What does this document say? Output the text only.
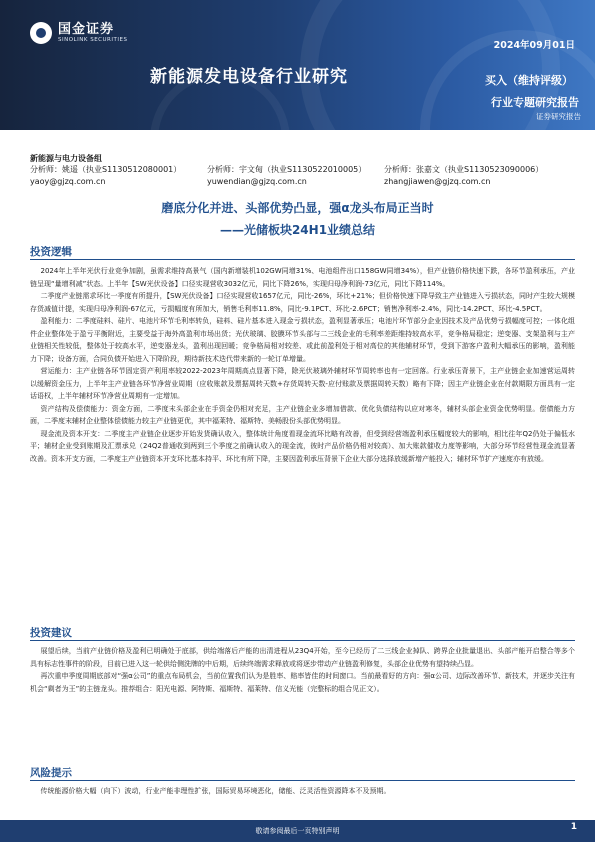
国金证券
SINOLINK SECURITIES
2024年09月01日
新能源发电设备行业研究	买入（维持评级）
行业专题研究报告
证券研究报告
新能源与电力设备组
分析师：姚遥（执业S1130512080001）
yaoy@gjzq.com.cn
分析师：宇文甸（执业S1130522010005）
yuwendian@gjzq.com.cn
分析师：张嘉文（执业S1130523090006）
zhangjiawen@gjzq.com.cn
磨底分化并进、头部优势凸显，强α龙头布局正当时
——光储板块24H1业绩总结
投资逻辑

2024年上半年光伏行业竞争加剧，虽需求维持高景气（国内新增装机102GW同增31%、电池组件出口158GW同增34%），但产业链价格快速下跌，各环节盈利承压，产业链呈现“量增利减”状态。上半年【SW光伏设备】口径实现营收3032亿元，同比下降26%，实现归母净利润-73亿元，同比下降114%。

二季度产业链需求环比一季度有所提升，【SW光伏设备】口径实现营收1657亿元，同比-26%，环比+21%；但价格快速下降导致主产业链进入亏损状态，同时产生较大规模存货减值计提，实现归母净利润-67亿元，亏损幅度有所加大，销售毛利率11.8%，同比-9.1PCT、环比-2.6PCT；销售净利率-2.4%，同比-14.2PCT、环比-4.5PCT。

盈利能力：二季度硅料、硅片、电池片环节毛利率转负，硅料、硅片基本进入现金亏损状态，盈利显著承压；电池片环节部分企业因技术及产品优势亏损幅度可控；一体化组件企业整体处于盈亏平衡附近，主要受益于海外高盈利市场出货；光伏玻璃、胶膜环节头部与二三线企业的毛利率差距维持较高水平，竞争格局稳定；逆变器、支架盈利与主产业链相关性较低，整体处于较高水平，逆变器龙头，盈利出现回暖；竞争格局相对较差、或此前盈利处于相对高位的其他辅材环节，受到下游客户盈利大幅承压的影响，盈利能力下降；设备方面，合同负债开始进入下降阶段，期待新技术迭代带来新的一轮订单增量。

营运能力：主产业链各环节固定资产利用率较2022-2023年周期高点显著下降，除光伏玻璃外辅材环节周转率也有一定回落。行业承压背景下，主产业链企业加速营运周转以缓解资金压力，上半年主产业链各环节净营业周期（应收账款及票据周转天数+存货周转天数-应付账款及票据周转天数）略有下降；因主产业链企业在付款期限方面具有一定话语权，上半年辅材环节净营业周期有一定增加。

资产结构及偿债能力：资金方面，二季度末头部企业在手资金仍相对充足，主产业链企业多增加借款、优化负债结构以应对寒冬，辅材头部企业资金优势明显。偿债能力方面，二季度末辅材企业整体偿债能力较主产业链更优，其中福莱特、福斯特、美畅股份头部优势明显。

现金流及资本开支：二季度主产业链企业逐步开始发货确认收入，整体统计角度看现金流环比略有改善，但受到经营端盈利承压幅度较大的影响，相比往年Q2仍处于偏低水平；辅材企业受到账期及汇票承兑（24Q2普通收到两到三个季度之前确认收入的现金流，彼时产品价格仍相对较高）、加大账款催收力度等影响，大部分环节经营性现金流显著改善。资本开支方面，二季度主产业链资本开支环比基本持平、环比有所下降，主要因盈利承压背景下企业大部分选择放缓新增产能投入；辅材环节扩产速度亦有放缓。

投资建议

展望后续，当前产业链价格及盈利已明确处于底部，供给端落后产能的出清进程从23Q4开始，至今已经历了二三线企业掉队、跨界企业批量退出、头部产能开启整合等多个具有标志性事件的阶段，目前已进入这一轮供给侧洗牌的中后期，后续终端需求释放或将逐步带动产业链盈利修复，头部企业优势有望持续凸显。

再次重申季度周期底部对“强α公司”的重点布局机会，当前位置我们认为是胜率、赔率皆佳的时间窗口。当前最看好的方向：强α公司、边际改善环节、新技术，并逐步关注有机会“剩者为王”的主链龙头。推荐组合：阳光电源、阿特斯、福斯特、福莱特、信义光能（完整标的组合见正文）。

风险提示

传统能源价格大幅（向下）波动，行业产能非理性扩张，国际贸易环境恶化，储能、泛灵活性资源降本不及预期。

敬请参阅最后一页特别声明	1
